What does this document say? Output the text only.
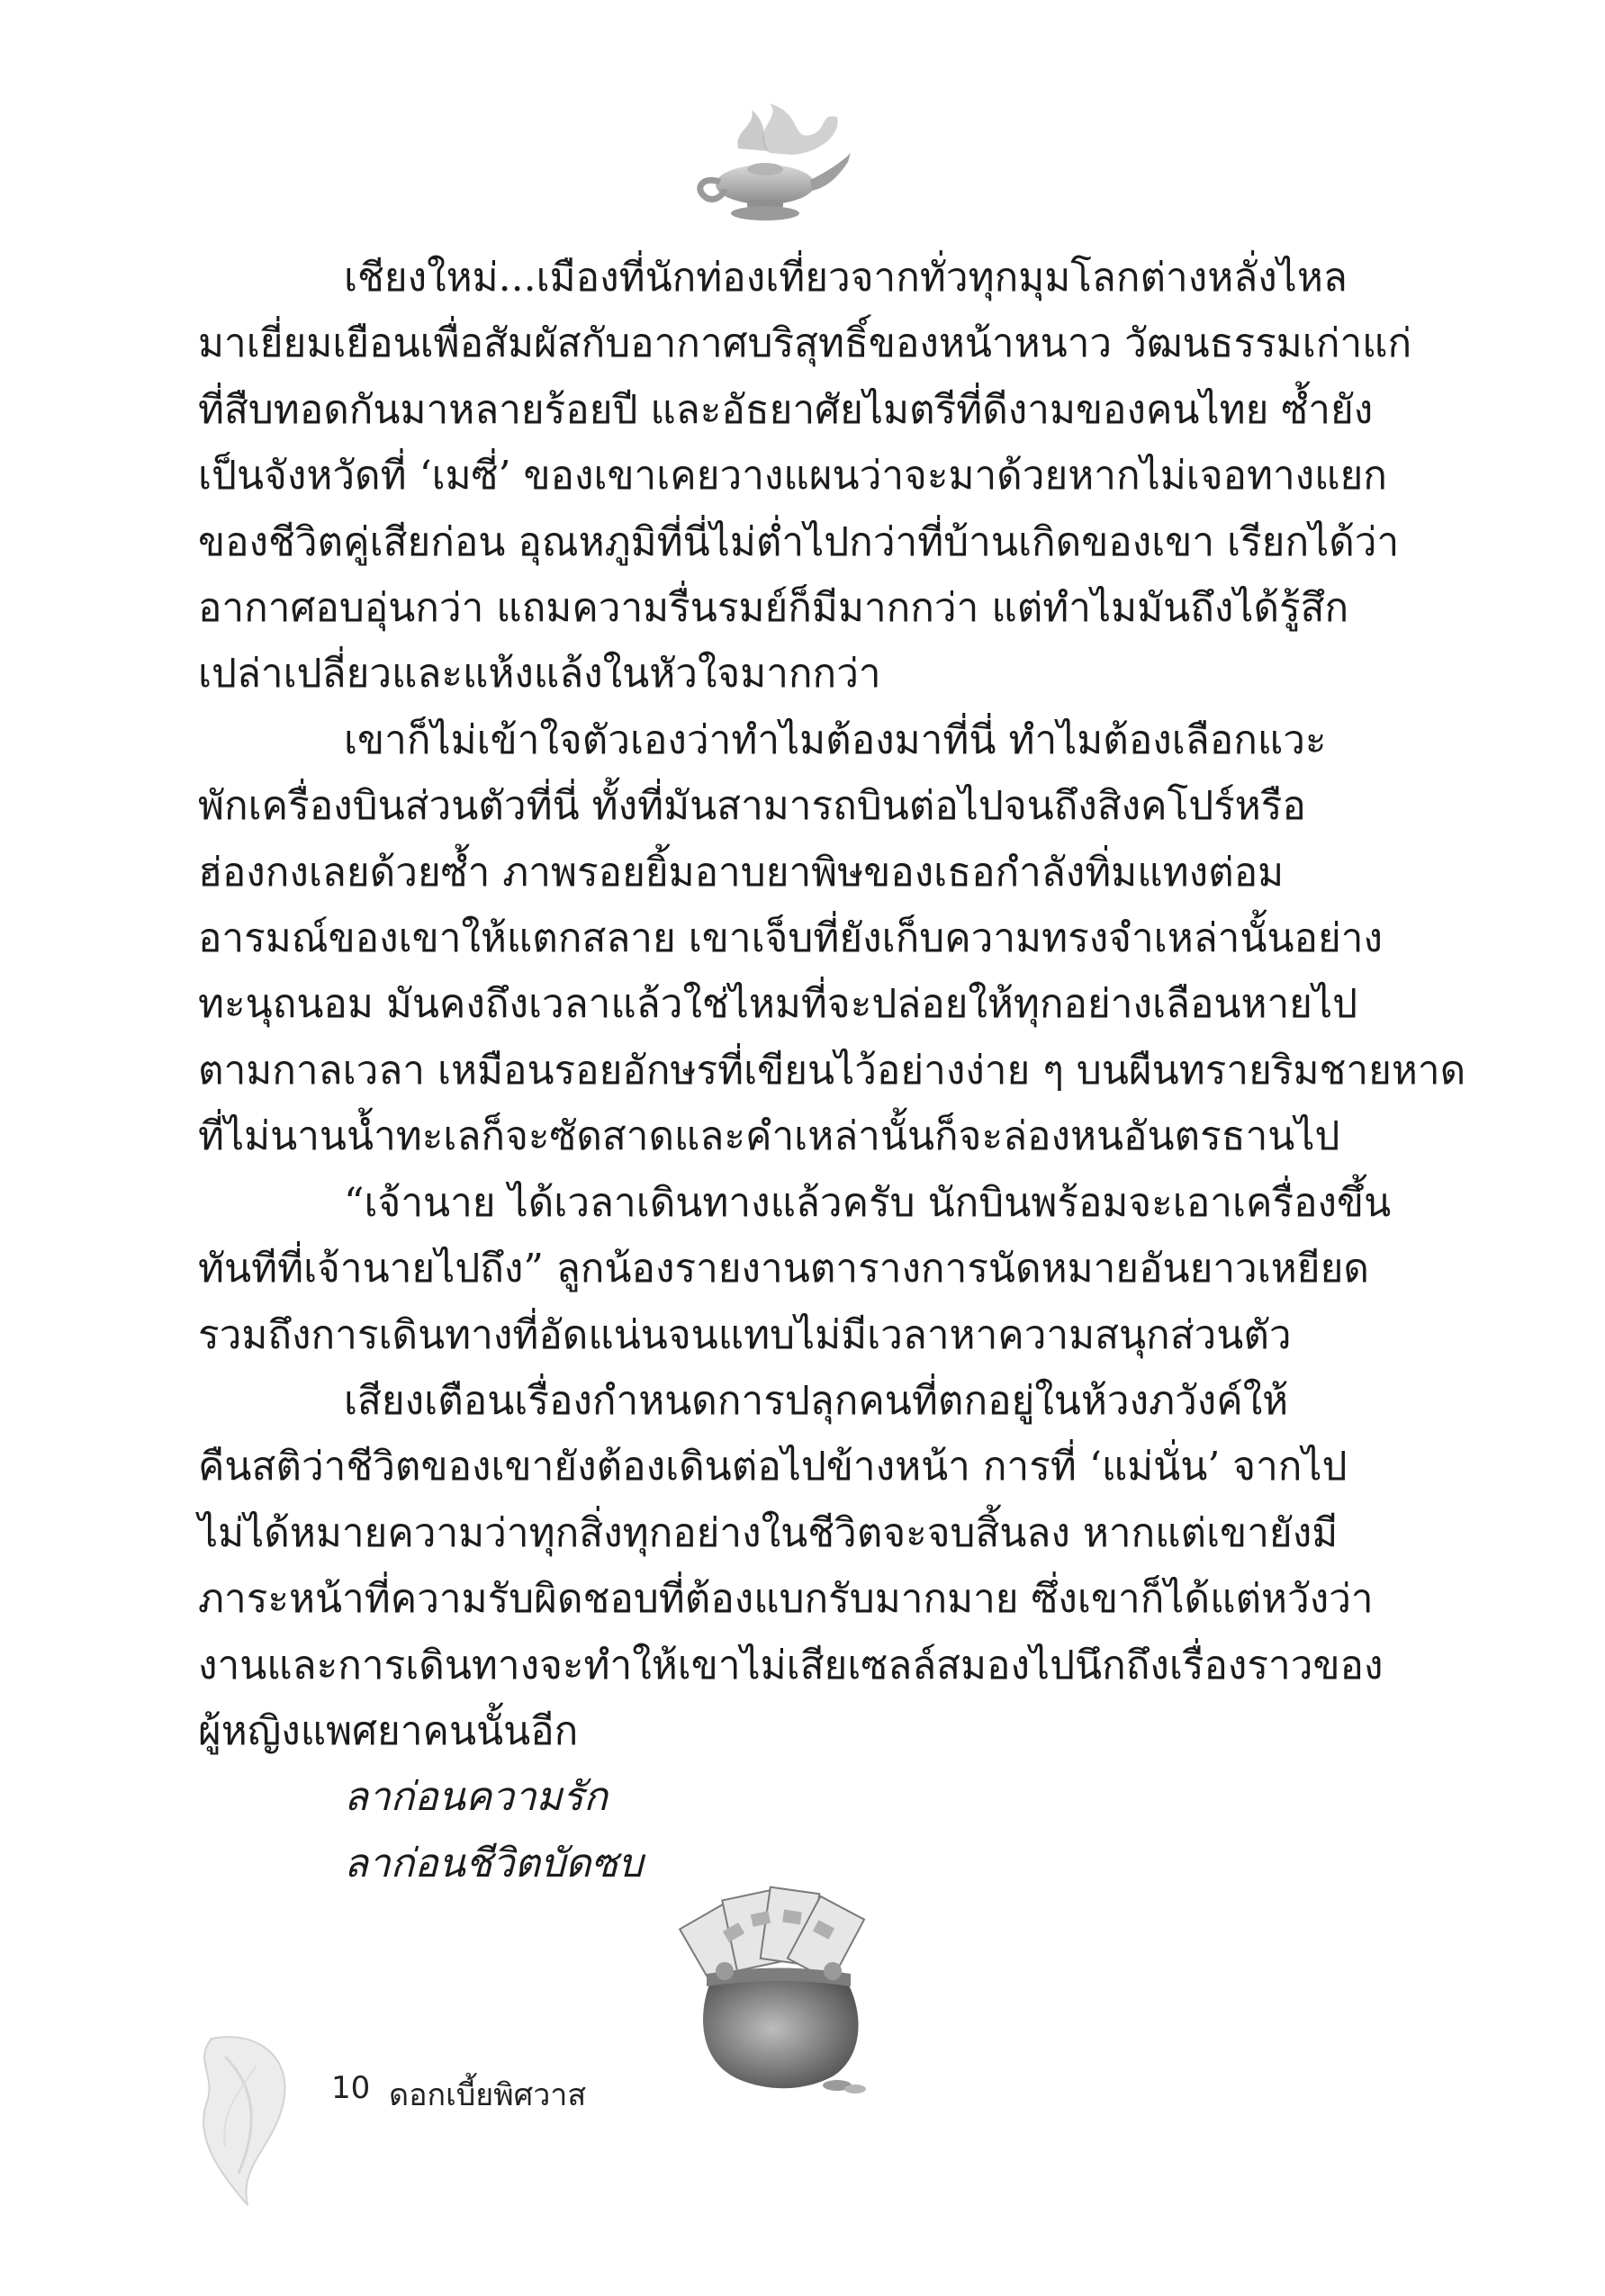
เชียงใหม่...เมืองที่นักท่องเที่ยวจากทั่วทุกมุมโลกต่างหลั่งไหล
มาเยี่ยมเยือนเพื่อสัมผัสกับอากาศบริสุทธิ์ของหน้าหนาว วัฒนธรรมเก่าแก่
ที่สืบทอดกันมาหลายร้อยปี และอัธยาศัยไมตรีที่ดีงามของคนไทย ซ้ำยัง
เป็นจังหวัดที่ ‘เมซี่’ ของเขาเคยวางแผนว่าจะมาด้วยหากไม่เจอทางแยก
ของชีวิตคู่เสียก่อน อุณหภูมิที่นี่ไม่ต่ำไปกว่าที่บ้านเกิดของเขา เรียกได้ว่า
อากาศอบอุ่นกว่า แถมความรื่นรมย์ก็มีมากกว่า แต่ทำไมมันถึงได้รู้สึก
เปล่าเปลี่ยวและแห้งแล้งในหัวใจมากกว่า

เขาก็ไม่เข้าใจตัวเองว่าทำไมต้องมาที่นี่ ทำไมต้องเลือกแวะ
พักเครื่องบินส่วนตัวที่นี่ ทั้งที่มันสามารถบินต่อไปจนถึงสิงคโปร์หรือ
ฮ่องกงเลยด้วยซ้ำ ภาพรอยยิ้มอาบยาพิษของเธอกำลังทิ่มแทงต่อม
อารมณ์ของเขาให้แตกสลาย เขาเจ็บที่ยังเก็บความทรงจำเหล่านั้นอย่าง
ทะนุถนอม มันคงถึงเวลาแล้วใช่ไหมที่จะปล่อยให้ทุกอย่างเลือนหายไป
ตามกาลเวลา เหมือนรอยอักษรที่เขียนไว้อย่างง่าย ๆ บนผืนทรายริมชายหาด
ที่ไม่นานน้ำทะเลก็จะซัดสาดและคำเหล่านั้นก็จะล่องหนอันตรธานไป

“เจ้านาย ได้เวลาเดินทางแล้วครับ นักบินพร้อมจะเอาเครื่องขึ้น
ทันทีที่เจ้านายไปถึง” ลูกน้องรายงานตารางการนัดหมายอันยาวเหยียด
รวมถึงการเดินทางที่อัดแน่นจนแทบไม่มีเวลาหาความสนุกส่วนตัว

เสียงเตือนเรื่องกำหนดการปลุกคนที่ตกอยู่ในห้วงภวังค์ให้
คืนสติว่าชีวิตของเขายังต้องเดินต่อไปข้างหน้า การที่ ‘แม่นั่น’ จากไป
ไม่ได้หมายความว่าทุกสิ่งทุกอย่างในชีวิตจะจบสิ้นลง หากแต่เขายังมี
ภาระหน้าที่ความรับผิดชอบที่ต้องแบกรับมากมาย ซึ่งเขาก็ได้แต่หวังว่า
งานและการเดินทางจะทำให้เขาไม่เสียเซลล์สมองไปนึกถึงเรื่องราวของ
ผู้หญิงแพศยาคนนั้นอีก

ลาก่อนความรัก
ลาก่อนชีวิตบัดซบ
10 ดอกเบี้ยพิศวาส
